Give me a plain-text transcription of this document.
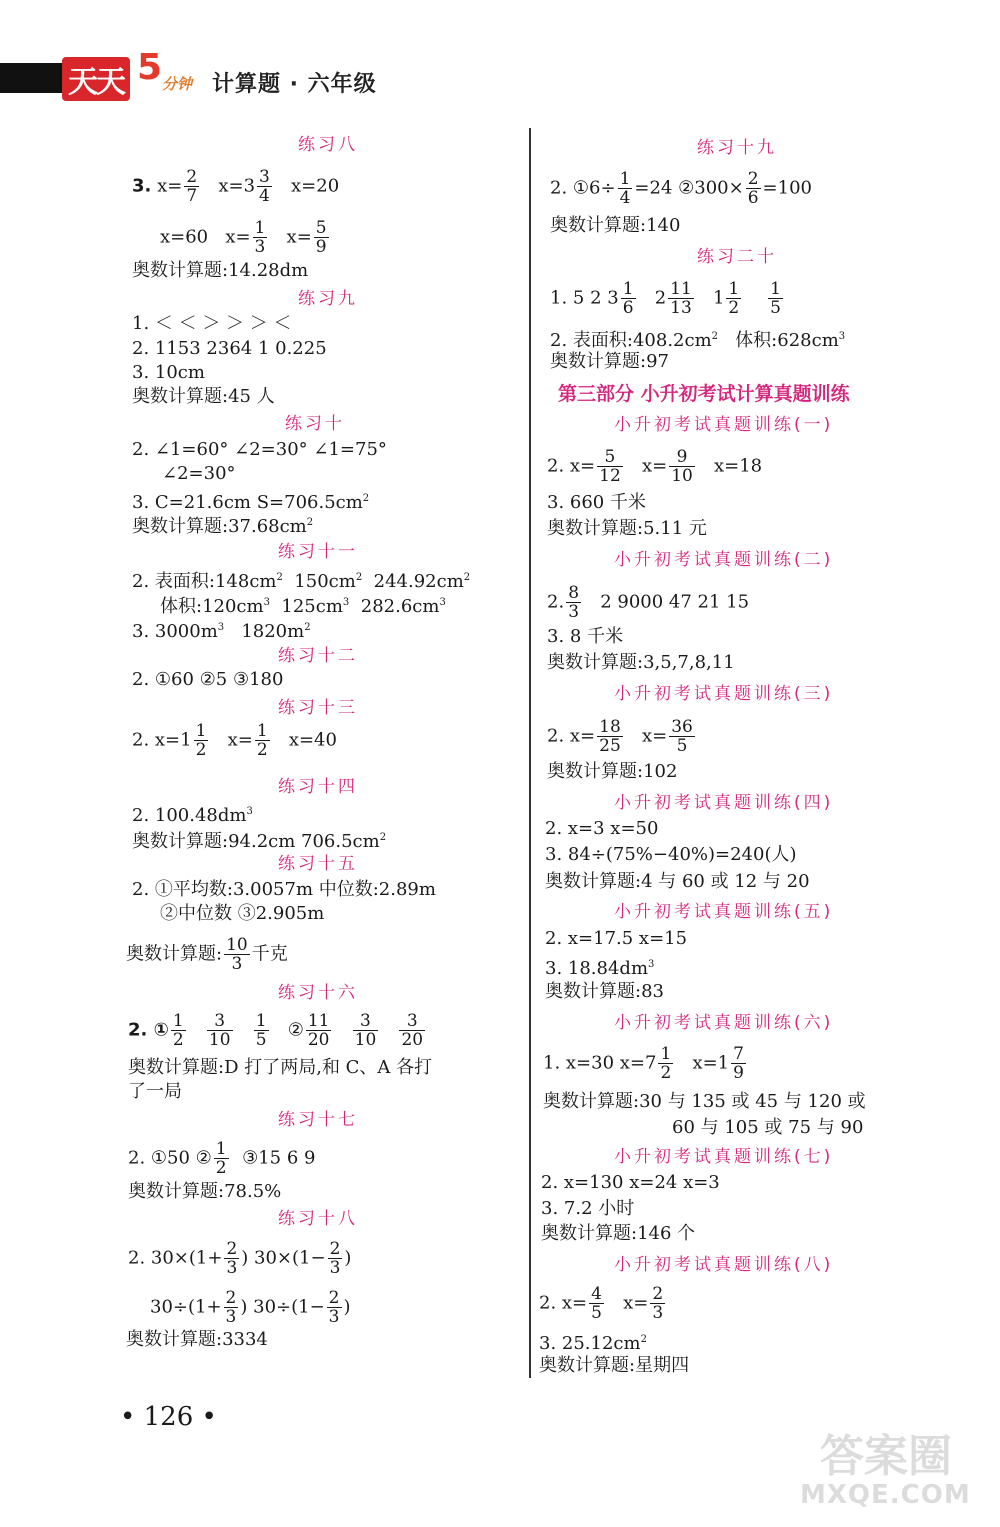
天天 5 分钟 计算题 · 六年级
练习八
3. $x= \frac{2}{7} x=3 \frac{3}{4} x=20$
x=60 $x= \frac{1}{3} x= \frac{5}{9}$
奥数计算题:14.28dm
练习九
1. ＜ ＜ ＞ ＞ ＞ ＜
2. 1153 2364 1 0.225
3. 10cm
奥数计算题:45 人
练习十
2. ∠1=60° ∠2=30° ∠1=75°
∠2=30°
3. C=21.6cm $S=706.5cm^2$
奥数计算题$:37.68cm^2$
练习十一
2. 表面积$:148cm^2$ $150cm^2$ $244.92cm^2$
体积$:120cm^3$ $125cm^3$ $282.6cm^3$
3. $3000m^3$ $1820m^2$
练习十二
2. ①60 ②5 ③180
练习十三
2. $x=1 \frac{1}{2} x= \frac{1}{2} x=40$
练习十四
2. $100.48dm^3$
奥数计算题:94.2cm $706.5cm^2$
练习十五
2. ①平均数:3.0057m 中位数:2.89m
②中位数 ③2.905m
奥数计算题: $\frac{10}{3}$ 千克
练习十六
2. ① $\frac{1}{2}$
$\frac{3}{10}$
$\frac{1}{5}$ ② $\frac{11}{20}$
$\frac{3}{10}$
$\frac{3}{20}$
奥数计算题:D 打了两局,和 C、A 各打
了一局
练习十七
2. ①50 ② $\frac{1}{2}$ ③15 6 9
奥数计算题:78.5%
练习十八
2. $30\times(1+ \frac{2}{3}$ ) $30\times(1- \frac{2}{3}$ )
$30\div(1+ \frac{2}{3}$ ) $30\div(1- \frac{2}{3}$ )
奥数计算题:3334
练习十九
2. ①6÷ $\frac{1}{4} =24$ ②300× $\frac{2}{6} =100$
奥数计算题:140
练习二十
1. 5 2 $3 \frac{1}{6} 2 \frac{11}{13} 1 \frac{1}{2}$
$\frac{1}{5}$
2. 表面积$:408.2cm^2$ 体积$:628cm^3$
奥数计算题:97
第三部分 小升初考试计算真题训练
小升初考试真题训练(一)
2. $x= \frac{5}{12} x= \frac{9}{10} x=18$
3. 660 千米
奥数计算题:5.11 元
小升初考试真题训练(二)
2. $\frac{8}{3} 2$ 9000 47 21 15
3. 8 千米
奥数计算题:3,5,7,8,11
小升初考试真题训练(三)
2. $x= \frac{18}{25} x= \frac{36}{5}$
奥数计算题:102
小升初考试真题训练(四)
2. x=3 x=50
3. 84÷(75%−40%)=240(人)
奥数计算题:4 与 60 或 12 与 20
小升初考试真题训练(五)
2. x=17.5 x=15
3. $18.84dm^3$
奥数计算题:83
小升初考试真题训练(六)
1. x=30 $x=7 \frac{1}{2} x=1 \frac{7}{9}$
奥数计算题:30 与 135 或 45 与 120 或
60 与 105 或 75 与 90
小升初考试真题训练(七)
2. x=130 x=24 x=3
3. 7.2 小时
奥数计算题:146 个
小升初考试真题训练(八)
2. $x= \frac{4}{5} x= \frac{2}{3}$
3. $25.12cm^2$
奥数计算题:星期四
• 126 •
答案圈
MXQE.COM
